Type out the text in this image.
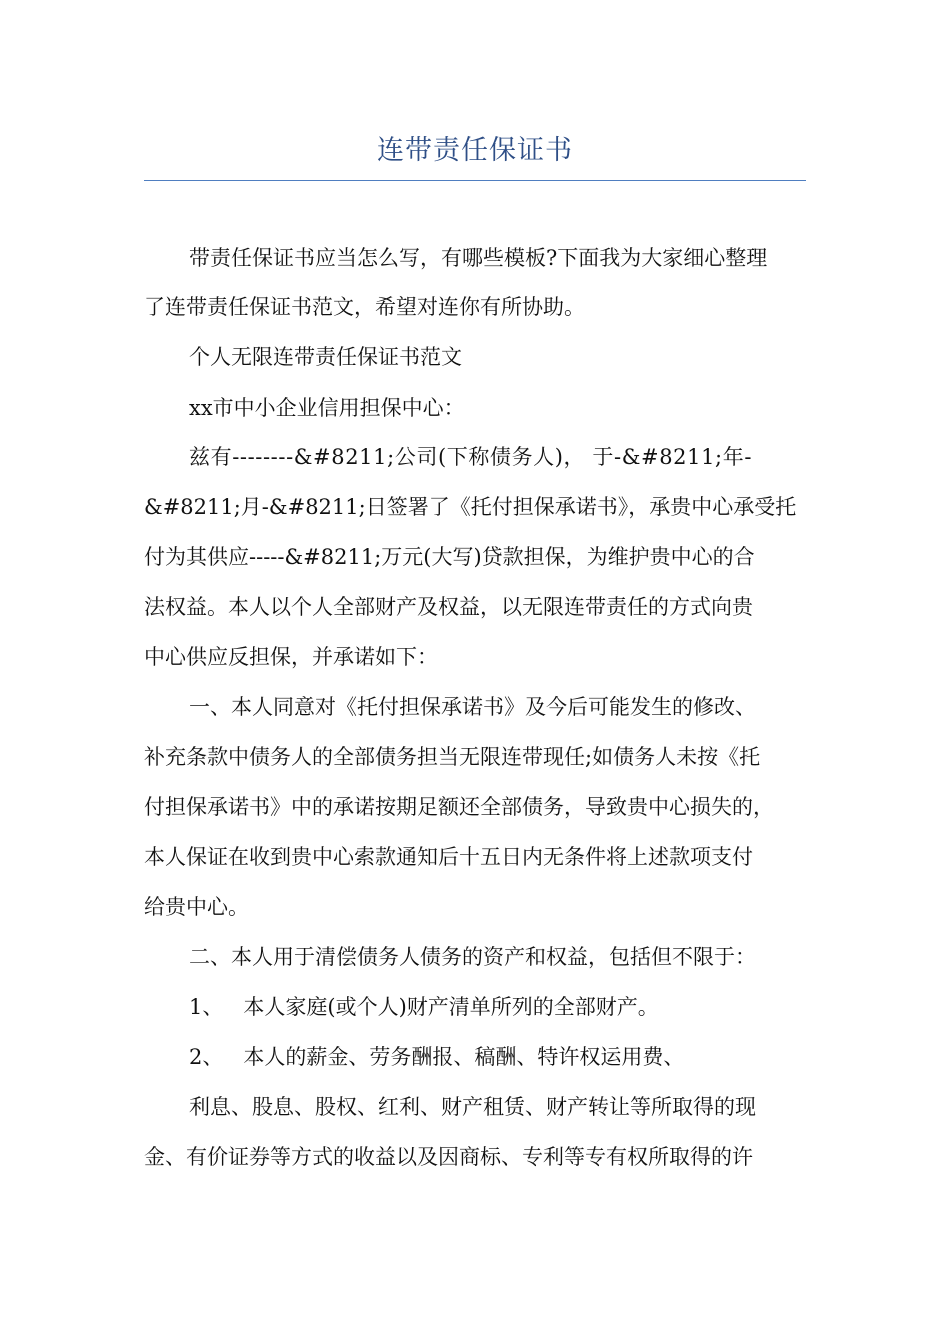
连带责任保证书
带责任保证书应当怎么写，有哪些模板?下面我为大家细心整理
了连带责任保证书范文，希望对连你有所协助。
个人无限连带责任保证书范文
xx市中小企业信用担保中心：
兹有--------&#8211;公司(下称债务人)， 于-&#8211;年-
&#8211;月-&#8211;日签署了《托付担保承诺书》，承贵中心承受托
付为其供应-----&#8211;万元(大写)贷款担保，为维护贵中心的合
法权益。本人以个人全部财产及权益，以无限连带责任的方式向贵
中心供应反担保，并承诺如下：
一、本人同意对《托付担保承诺书》及今后可能发生的修改、
补充条款中债务人的全部债务担当无限连带现任;如债务人未按《托
付担保承诺书》中的承诺按期足额还全部债务，导致贵中心损失的，
本人保证在收到贵中心索款通知后十五日内无条件将上述款项支付
给贵中心。
二、本人用于清偿债务人债务的资产和权益，包括但不限于：
1、 本人家庭(或个人)财产清单所列的全部财产。
2、 本人的薪金、劳务酬报、稿酬、特许权运用费、
利息、股息、股权、红利、财产租赁、财产转让等所取得的现
金、有价证券等方式的收益以及因商标、专利等专有权所取得的许
